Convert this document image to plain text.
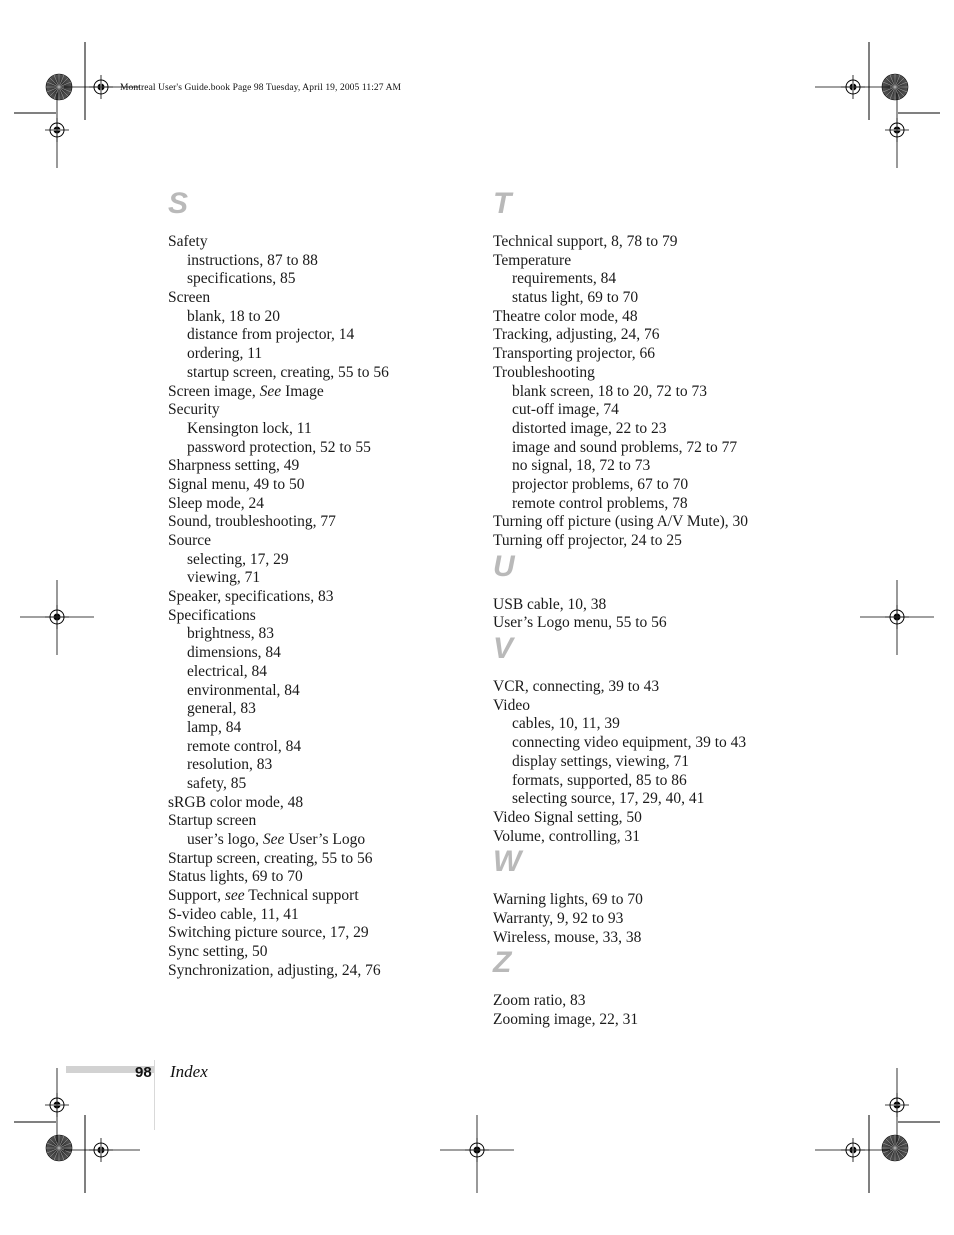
Montreal User's Guide.book Page 98 Tuesday, April 19, 2005 11:27 AM
S
Safety
instructions, 87 to 88
specifications, 85
Screen
blank, 18 to 20
distance from projector, 14
ordering, 11
startup screen, creating, 55 to 56
Screen image, See Image
Security
Kensington lock, 11
password protection, 52 to 55
Sharpness setting, 49
Signal menu, 49 to 50
Sleep mode, 24
Sound, troubleshooting, 77
Source
selecting, 17, 29
viewing, 71
Speaker, specifications, 83
Specifications
brightness, 83
dimensions, 84
electrical, 84
environmental, 84
general, 83
lamp, 84
remote control, 84
resolution, 83
safety, 85
sRGB color mode, 48
Startup screen
user’s logo, See User’s Logo
Startup screen, creating, 55 to 56
Status lights, 69 to 70
Support, see Technical support
S-video cable, 11, 41
Switching picture source, 17, 29
Sync setting, 50
Synchronization, adjusting, 24, 76
T
Technical support, 8, 78 to 79
Temperature
requirements, 84
status light, 69 to 70
Theatre color mode, 48
Tracking, adjusting, 24, 76
Transporting projector, 66
Troubleshooting
blank screen, 18 to 20, 72 to 73
cut-off image, 74
distorted image, 22 to 23
image and sound problems, 72 to 77
no signal, 18, 72 to 73
projector problems, 67 to 70
remote control problems, 78
Turning off picture (using A/V Mute), 30
Turning off projector, 24 to 25
U
USB cable, 10, 38
User’s Logo menu, 55 to 56
V
VCR, connecting, 39 to 43
Video
cables, 10, 11, 39
connecting video equipment, 39 to 43
display settings, viewing, 71
formats, supported, 85 to 86
selecting source, 17, 29, 40, 41
Video Signal setting, 50
Volume, controlling, 31
W
Warning lights, 69 to 70
Warranty, 9, 92 to 93
Wireless, mouse, 33, 38
Z
Zoom ratio, 83
Zooming image, 22, 31
98 Index
